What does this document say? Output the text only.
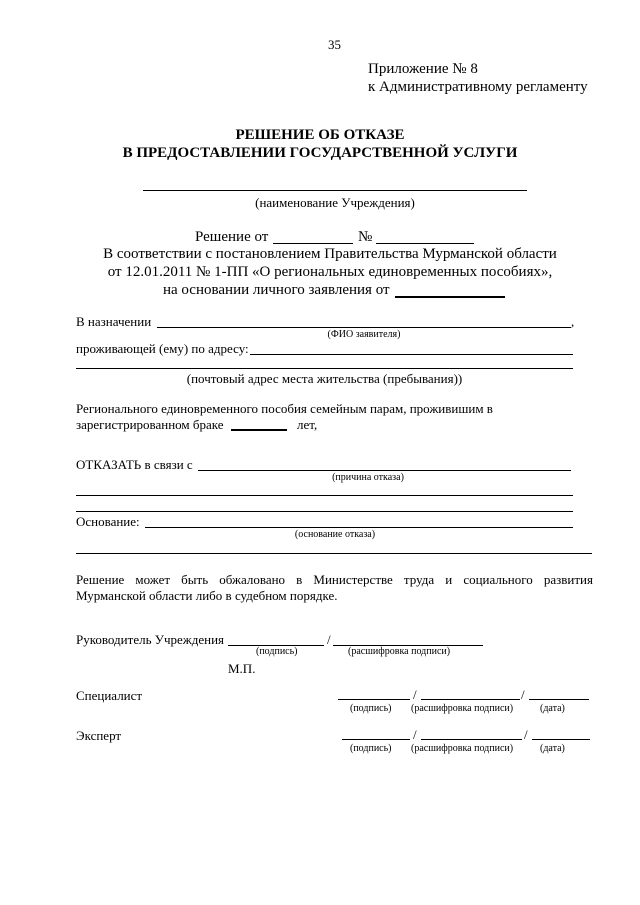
35
Приложение № 8
к Административному регламенту
РЕШЕНИЕ ОБ ОТКАЗЕ
В ПРЕДОСТАВЛЕНИИ ГОСУДАРСТВЕННОЙ УСЛУГИ
(наименование Учреждения)
Решение от	№
В соответствии с постановлением Правительства Мурманской области
от 12.01.2011 № 1-ПП «О региональных единовременных пособиях»,
на основании личного заявления от
В назначении	,
(ФИО заявителя)
проживающей (ему) по адресу:
(почтовый адрес места жительства (пребывания))
Регионального единовременного пособия семейным парам, проживишим в
зарегистрированном браке	лет,
ОТКАЗАТЬ в связи с
(причина отказа)
Основание:
(основание отказа)
Решение может быть обжаловано в Министерстве труда и социального развития
Мурманской области либо в судебном порядке.
Руководитель Учреждения	/
(подпись)	(расшифровка подписи)
М.П.
Специалист	/	/
(подпись) (расшифровка подписи)	(дата)
Эксперт	/	/
(подпись) (расшифровка подписи)	(дата)
